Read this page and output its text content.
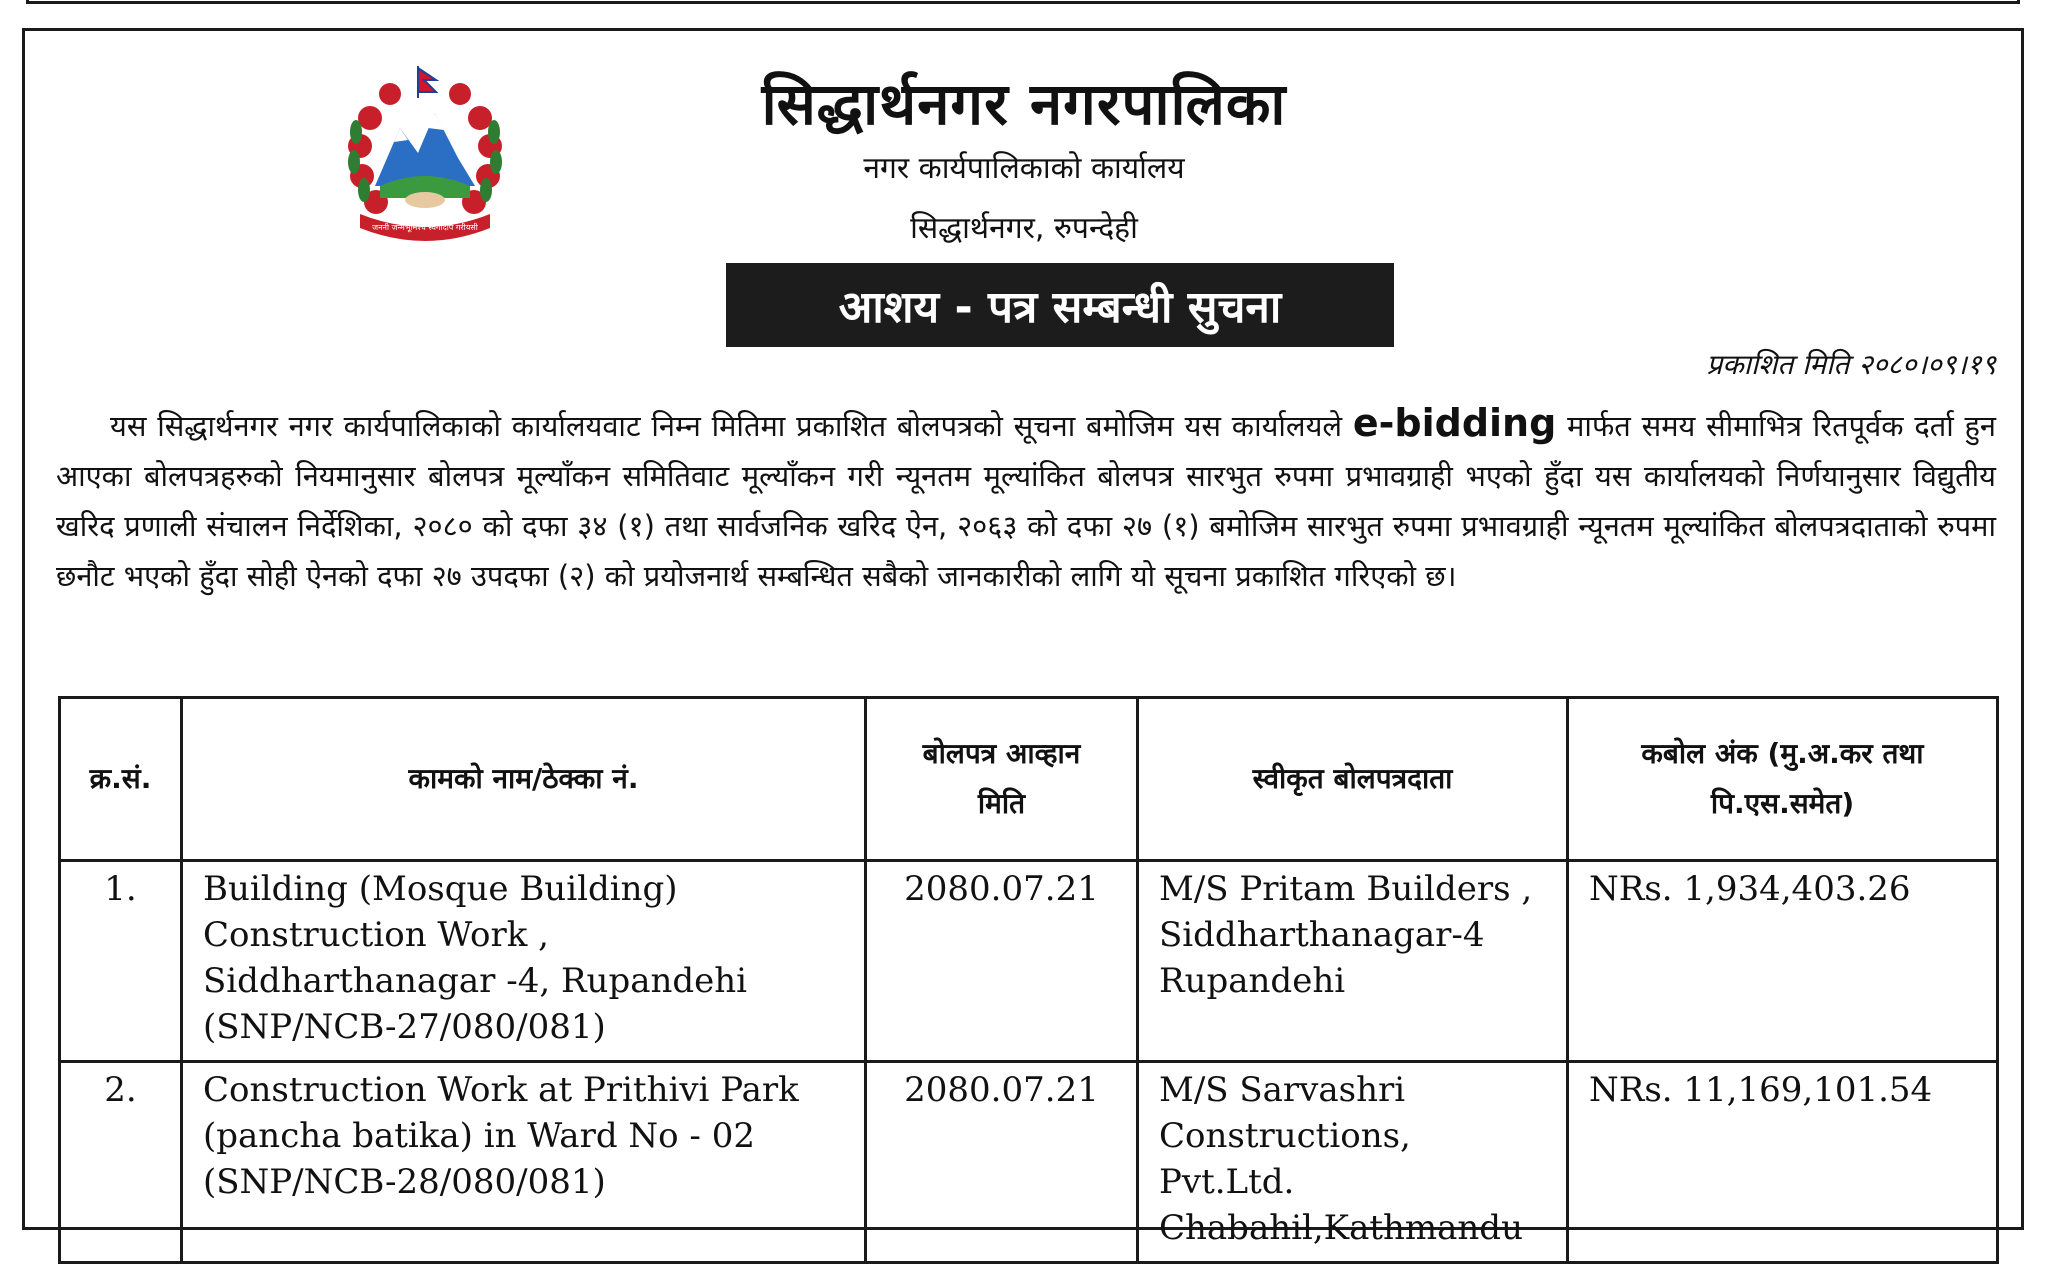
जननी जन्मभूमिश्च स्वर्गादपि गरीयसी
सिद्धार्थनगर नगरपालिका
नगर कार्यपालिकाको कार्यालय
सिद्धार्थनगर, रुपन्देही
आशय - पत्र सम्बन्धी सुचना
प्रकाशित मिति २०८०।०९।१९
यस सिद्धार्थनगर नगर कार्यपालिकाको कार्यालयवाट निम्न मितिमा प्रकाशित बोलपत्रको सूचना बमोजिम यस कार्यालयले e-bidding मार्फत समय सीमाभित्र रितपूर्वक दर्ता हुन आएका बोलपत्रहरुको नियमानुसार बोलपत्र मूल्याँकन समितिवाट मूल्याँकन गरी न्यूनतम मूल्यांकित बोलपत्र सारभुत रुपमा प्रभावग्राही भएको हुँदा यस कार्यालयको निर्णयानुसार विद्युतीय खरिद प्रणाली संचालन निर्देशिका, २०८० को दफा ३४ (१) तथा सार्वजनिक खरिद ऐन, २०६३ को दफा २७ (१) बमोजिम सारभुत रुपमा प्रभावग्राही न्यूनतम मूल्यांकित बोलपत्रदाताको रुपमा छनौट भएको हुँदा सोही ऐनको दफा २७ उपदफा (२) को प्रयोजनार्थ सम्बन्धित सबैको जानकारीको लागि यो सूचना प्रकाशित गरिएको छ।
क्र.सं.	कामको नाम/ठेक्का नं.	बोलपत्र आव्हान मिति	स्वीकृत बोलपत्रदाता	कबोल अंक (मु.अ.कर तथा पि.एस.समेत)

1.	Building (Mosque Building) Construction Work , Siddharthanagar -4, Rupandehi (SNP/NCB-27/080/081)	2080.07.21	M/S Pritam Builders , Siddharthanagar-4 Rupandehi	NRs. 1,934,403.26
2.	Construction Work at Prithivi Park (pancha batika) in Ward No - 02 (SNP/NCB-28/080/081)	2080.07.21	M/S Sarvashri Constructions, Pvt.Ltd. Chabahil,Kathmandu	NRs. 11,169,101.54
